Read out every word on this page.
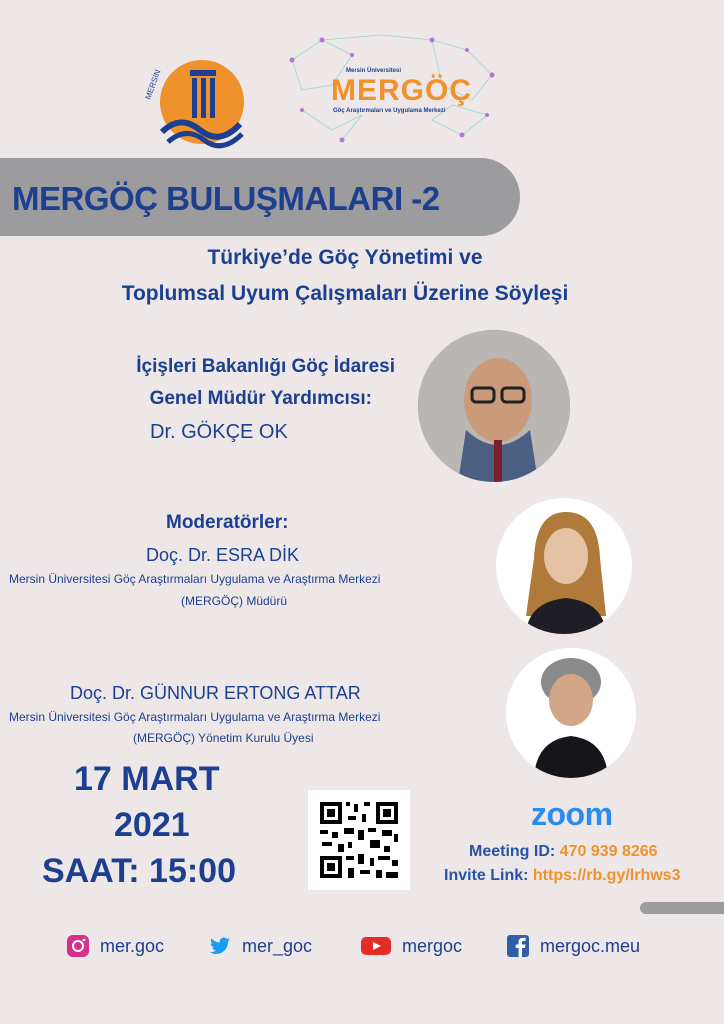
MERSİN	Mersin Üniversitesi
MERGÖÇ
Göç Araştırmaları ve Uygulama Merkezi
MERGÖÇ BULUŞMALARI -2
Türkiye’de Göç Yönetimi ve
Toplumsal Uyum Çalışmaları Üzerine Söyleşi
İçişleri Bakanlığı Göç İdaresi
Genel Müdür Yardımcısı:
Dr. GÖKÇE OK
Moderatörler:
Doç. Dr. ESRA DİK
Mersin Üniversitesi Göç Araştırmaları Uygulama ve Araştırma Merkezi
(MERGÖÇ) Müdürü
Doç. Dr. GÜNNUR ERTONG ATTAR
Mersin Üniversitesi Göç Araştırmaları Uygulama ve Araştırma Merkezi
(MERGÖÇ) Yönetim Kurulu Üyesi
17 MART
2021
SAAT: 15:00
zoom
Meeting ID: 470 939 8266
Invite Link: https://rb.gy/lrhws3
mer.goc	mer_goc	mergoc	mergoc.meu
